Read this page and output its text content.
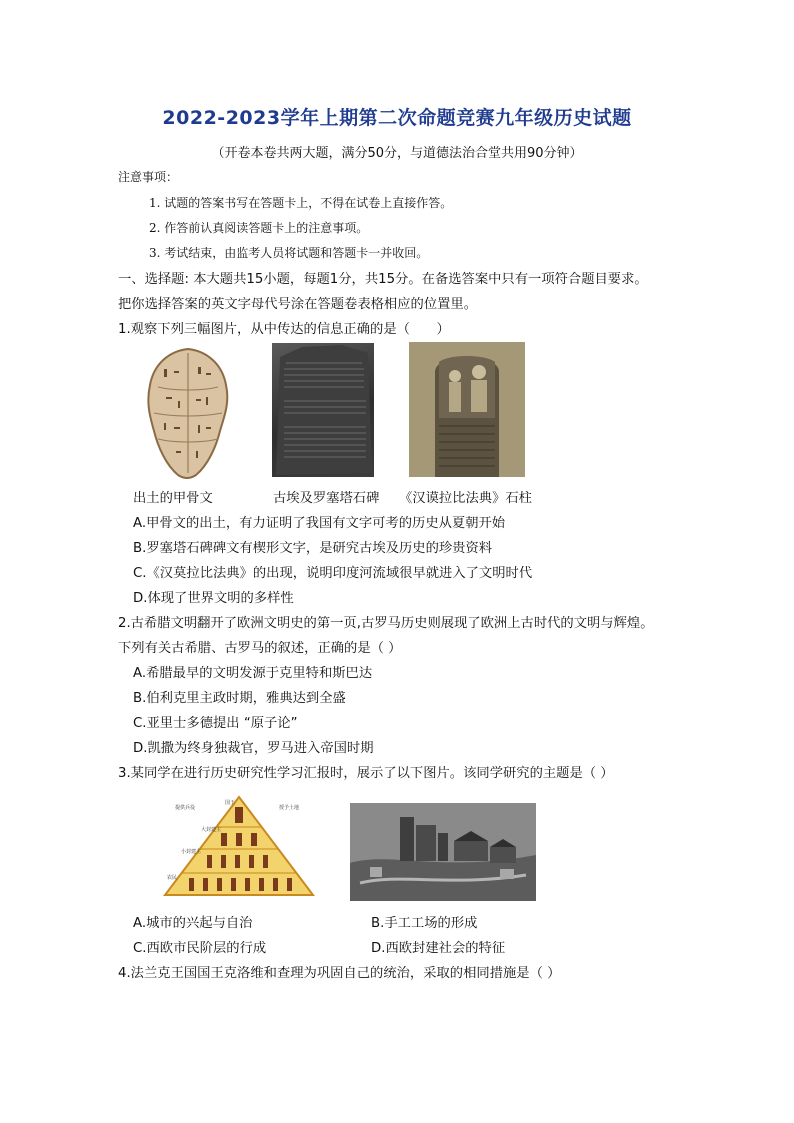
2022-2023学年上期第二次命题竞赛九年级历史试题
（开卷本卷共两大题，满分50分，与道德法治合堂共用90分钟）
注意事项：
1. 试题的答案书写在答题卡上，不得在试卷上直接作答。
2. 作答前认真阅读答题卡上的注意事项。
3. 考试结束，由监考人员将试题和答题卡一并收回。
一、选择题: 本大题共15小题，每题1分，共15分。在备选答案中只有一项符合题目要求。
把你选择答案的英文字母代号涂在答题卷表格相应的位置里。
1.观察下列三幅图片，从中传达的信息正确的是（　　）
出土的甲骨文	古埃及罗塞塔石碑 《汉谟拉比法典》石柱
A.甲骨文的出土，有力证明了我国有文字可考的历史从夏朝开始
B.罗塞塔石碑碑文有楔形文字，是研究古埃及历史的珍贵资料
C.《汉莫拉比法典》的出现，说明印度河流域很早就进入了文明时代
D.体现了世界文明的多样性
2.古希腊文明翻开了欧洲文明史的第一页,古罗马历史则展现了欧洲上古时代的文明与辉煌。
下列有关古希腊、古罗马的叙述，正确的是（ ）
A.希腊最早的文明发源于克里特和斯巴达
B.伯利克里主政时期，雅典达到全盛
C.亚里士多德提出 “原子论”
D.凯撒为终身独裁官，罗马进入帝国时期
3.某同学在进行历史研究性学习汇报时，展示了以下图片。该同学研究的主题是（ ）
国王
大封建主
小封建主
农民
提供兵役	授予土地
A.城市的兴起与自治	B.手工工场的形成
C.西欧市民阶层的行成	D.西欧封建社会的特征
4.法兰克王国国王克洛维和查理为巩固自己的统治，采取的相同措施是（ ）
